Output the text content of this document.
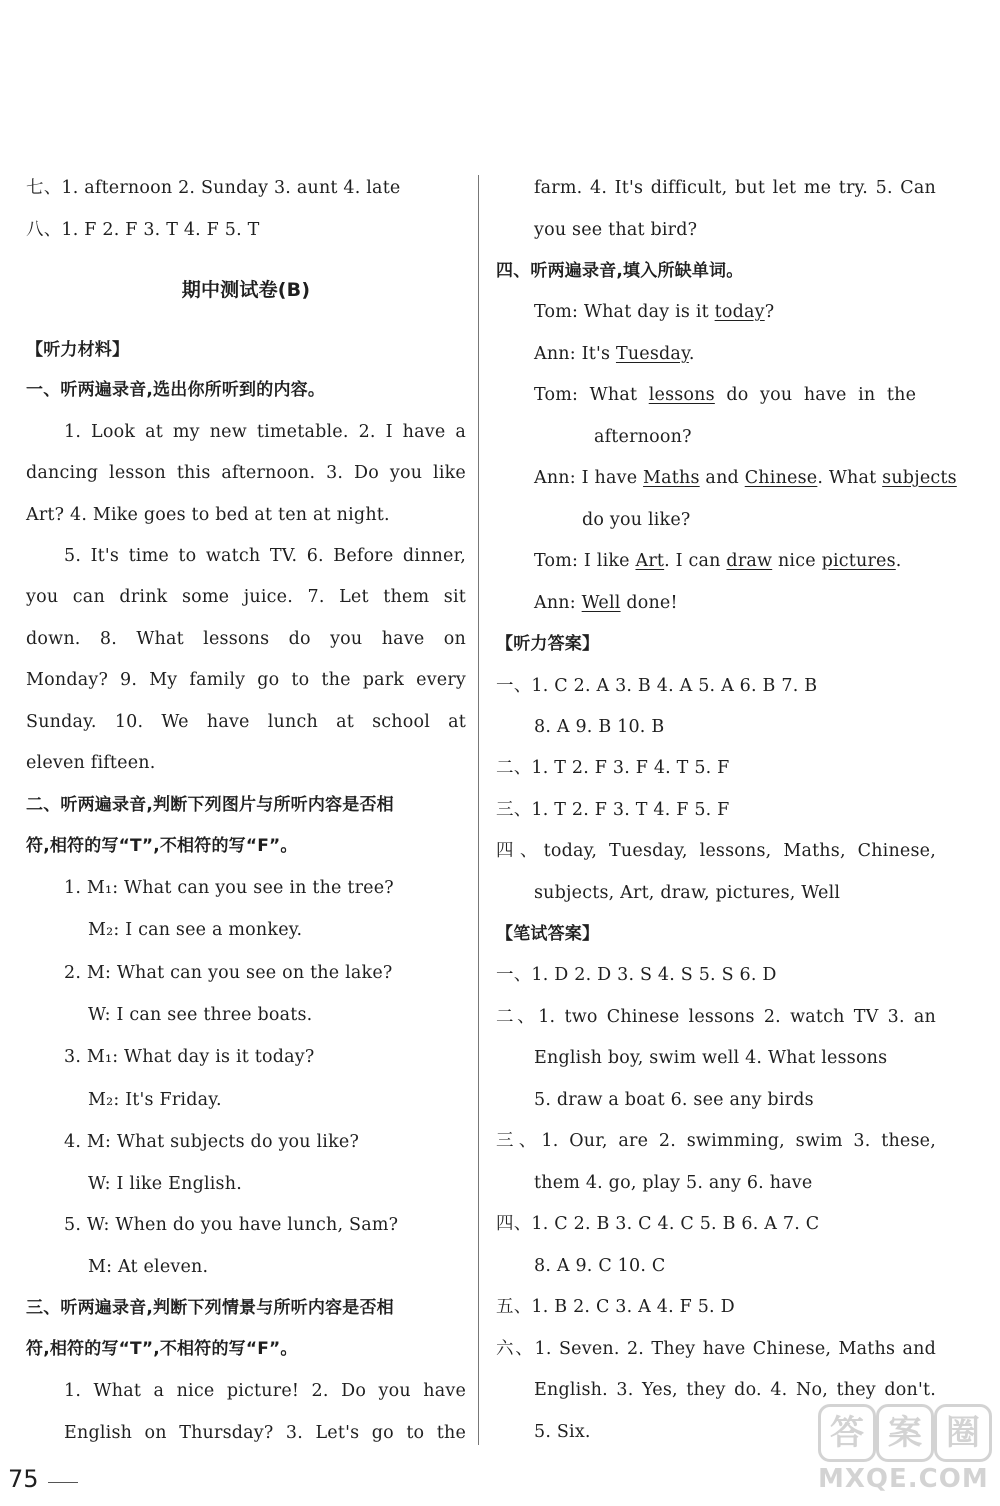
七、1. afternoon 2. Sunday 3. aunt 4. late
八、1. F 2. F 3. T 4. F 5. T
期中测试卷(B)
【听力材料】
一、听两遍录音,选出你所听到的内容。
1. Look at my new timetable. 2. I have a
dancing lesson this afternoon. 3. Do you like
Art? 4. Mike goes to bed at ten at night.
5. It's time to watch TV. 6. Before dinner,
you can drink some juice. 7. Let them sit
down. 8. What lessons do you have on
Monday? 9. My family go to the park every
Sunday. 10. We have lunch at school at
eleven fifteen.
二、听两遍录音,判断下列图片与所听内容是否相
符,相符的写“T”,不相符的写“F”。
1. M₁: What can you see in the tree?
M₂: I can see a monkey.
2. M: What can you see on the lake?
W: I can see three boats.
3. M₁: What day is it today?
M₂: It's Friday.
4. M: What subjects do you like?
W: I like English.
5. W: When do you have lunch, Sam?
M: At eleven.
三、听两遍录音,判断下列情景与所听内容是否相
符,相符的写“T”,不相符的写“F”。
1. What a nice picture! 2. Do you have
English on Thursday? 3. Let's go to the
farm. 4. It's difficult, but let me try. 5. Can
you see that bird?
四、听两遍录音,填入所缺单词。
Tom: What day is it today?
Ann: It's Tuesday.
Tom:  What  lessons  do  you  have  in  the
afternoon?
Ann: I have Maths and Chinese. What subjects
do you like?
Tom: I like Art. I can draw nice pictures.
Ann: Well done!
【听力答案】
一、1. C 2. A 3. B 4. A 5. A 6. B 7. B
8. A 9. B 10. B
二、1. T 2. F 3. F 4. T 5. F
三、1. T 2. F 3. T 4. F 5. F
四、today, Tuesday, lessons, Maths, Chinese,
subjects, Art, draw, pictures, Well
【笔试答案】
一、1. D 2. D 3. S 4. S 5. S 6. D
二、1. two Chinese lessons 2. watch TV 3. an
English boy, swim well 4. What lessons
5. draw a boat 6. see any birds
三、1. Our, are 2. swimming, swim 3. these,
them 4. go, play 5. any 6. have
四、1. C 2. B 3. C 4. C 5. B 6. A 7. C
8. A 9. C 10. C
五、1. B 2. C 3. A 4. F 5. D
六、1. Seven. 2. They have Chinese, Maths and
English. 3. Yes, they do. 4. No, they don't.
5. Six.
75
答 案 圈
MXQE.COM
